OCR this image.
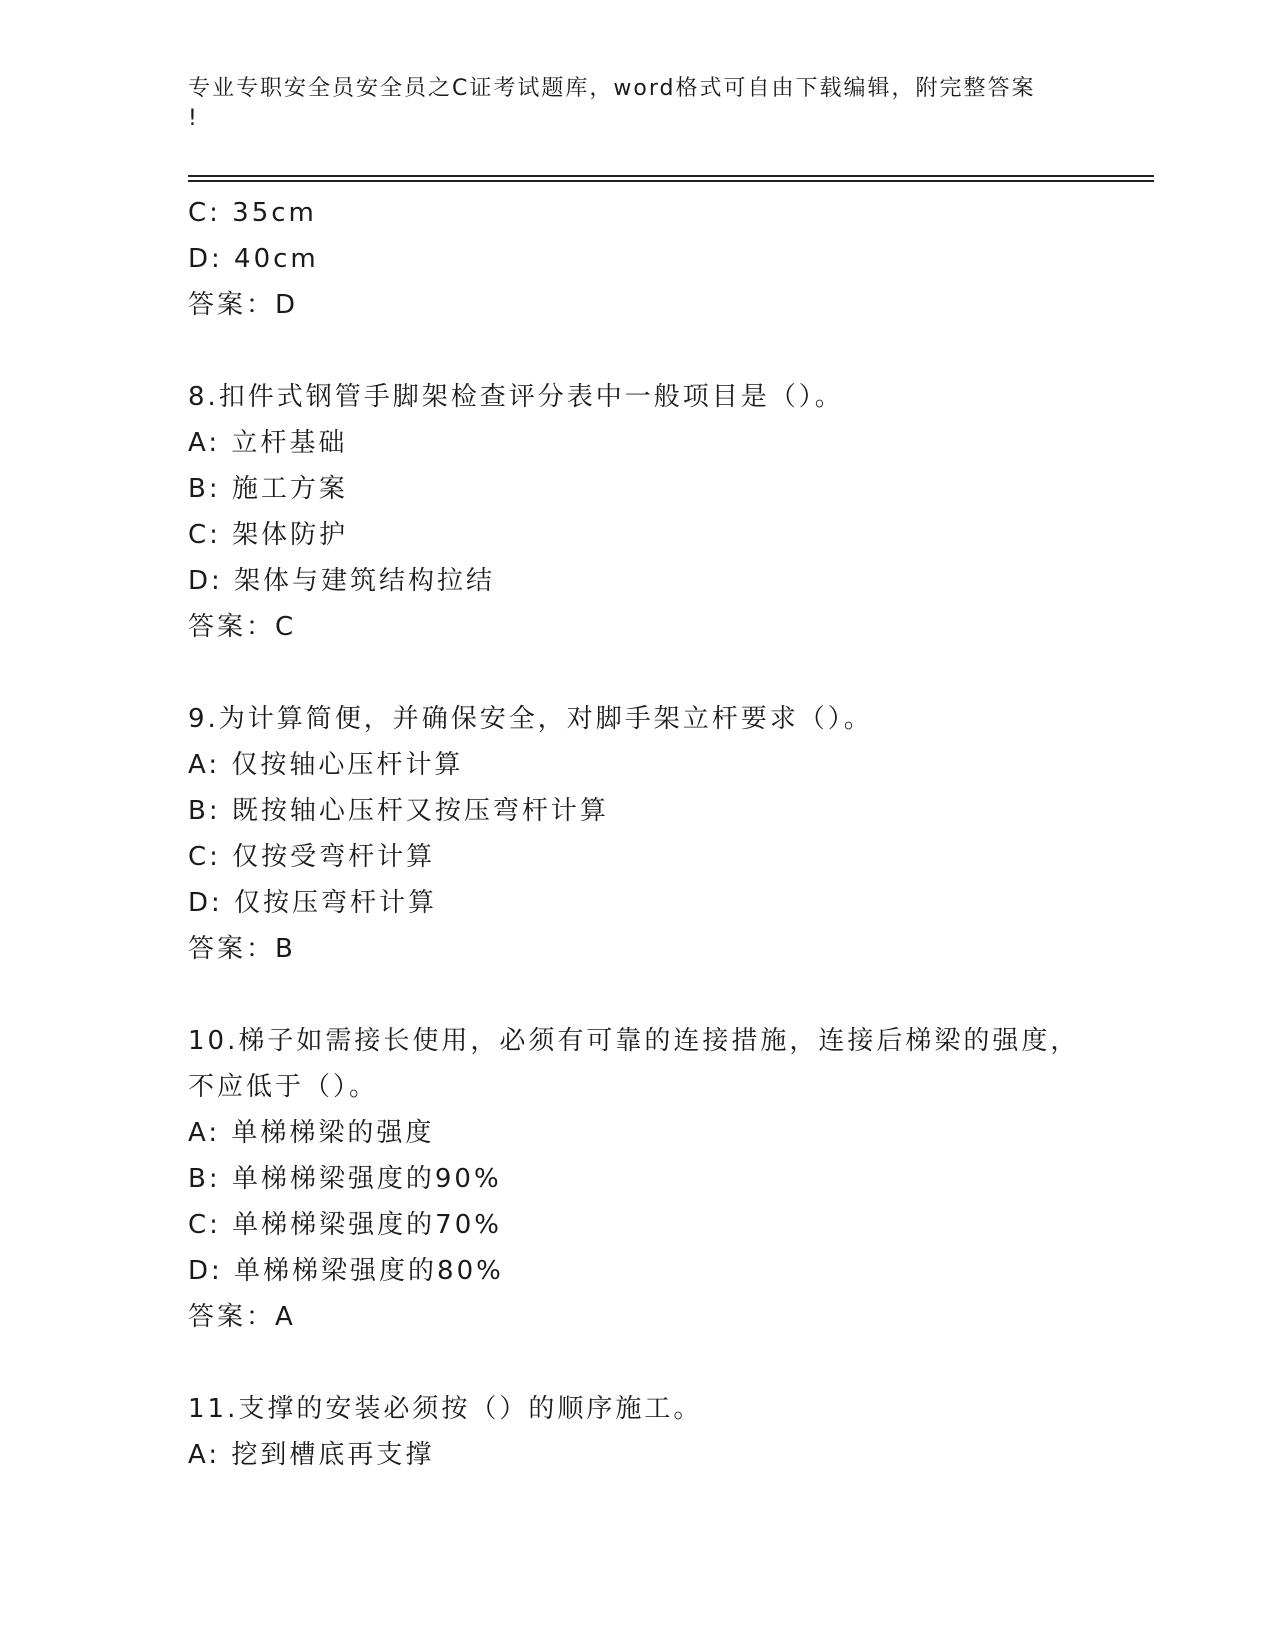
专业专职安全员安全员之C证考试题库，word格式可自由下载编辑，附完整答案
!
C: 35cm
D: 40cm
答案：D
8.扣件式钢管手脚架检查评分表中一般项目是（）。
A: 立杆基础
B: 施工方案
C: 架体防护
D: 架体与建筑结构拉结
答案：C
9.为计算简便，并确保安全，对脚手架立杆要求（）。
A: 仅按轴心压杆计算
B: 既按轴心压杆又按压弯杆计算
C: 仅按受弯杆计算
D: 仅按压弯杆计算
答案：B
10.梯子如需接长使用，必须有可靠的连接措施，连接后梯梁的强度，
不应低于（）。
A: 单梯梯梁的强度
B: 单梯梯梁强度的90%
C: 单梯梯梁强度的70%
D: 单梯梯梁强度的80%
答案：A
11.支撑的安装必须按（）的顺序施工。
A: 挖到槽底再支撑
